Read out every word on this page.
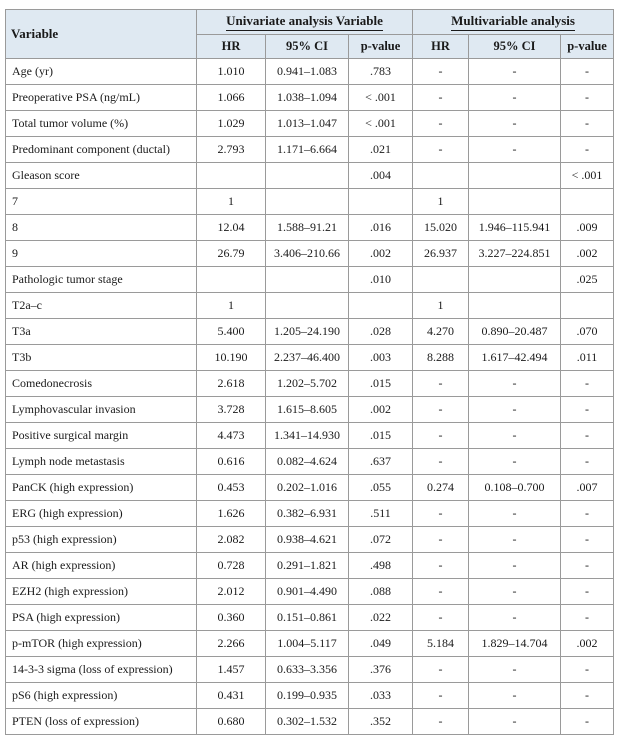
Variable	Univariate analysis Variable			Multivariable analysis		
	HR	95% CI	p-value	HR	95% CI	p-value
Age (yr)	1.010	0.941–1.083	.783	-	-	-
Preoperative PSA (ng/mL)	1.066	1.038–1.094	< .001	-	-	-
Total tumor volume (%)	1.029	1.013–1.047	< .001	-	-	-
Predominant component (ductal)	2.793	1.171–6.664	.021	-	-	-
Gleason score			.004			< .001
7	1			1		
8	12.04	1.588–91.21	.016	15.020	1.946–115.941	.009
9	26.79	3.406–210.66	.002	26.937	3.227–224.851	.002
Pathologic tumor stage			.010			.025
T2a–c	1			1		
T3a	5.400	1.205–24.190	.028	4.270	0.890–20.487	.070
T3b	10.190	2.237–46.400	.003	8.288	1.617–42.494	.011
Comedonecrosis	2.618	1.202–5.702	.015	-	-	-
Lymphovascular invasion	3.728	1.615–8.605	.002	-	-	-
Positive surgical margin	4.473	1.341–14.930	.015	-	-	-
Lymph node metastasis	0.616	0.082–4.624	.637	-	-	-
PanCK (high expression)	0.453	0.202–1.016	.055	0.274	0.108–0.700	.007
ERG (high expression)	1.626	0.382–6.931	.511	-	-	-
p53 (high expression)	2.082	0.938–4.621	.072	-	-	-
AR (high expression)	0.728	0.291–1.821	.498	-	-	-
EZH2 (high expression)	2.012	0.901–4.490	.088	-	-	-
PSA (high expression)	0.360	0.151–0.861	.022	-	-	-
p-mTOR (high expression)	2.266	1.004–5.117	.049	5.184	1.829–14.704	.002
14-3-3 sigma (loss of expression)	1.457	0.633–3.356	.376	-	-	-
pS6 (high expression)	0.431	0.199–0.935	.033	-	-	-
PTEN (loss of expression)	0.680	0.302–1.532	.352	-	-	-
